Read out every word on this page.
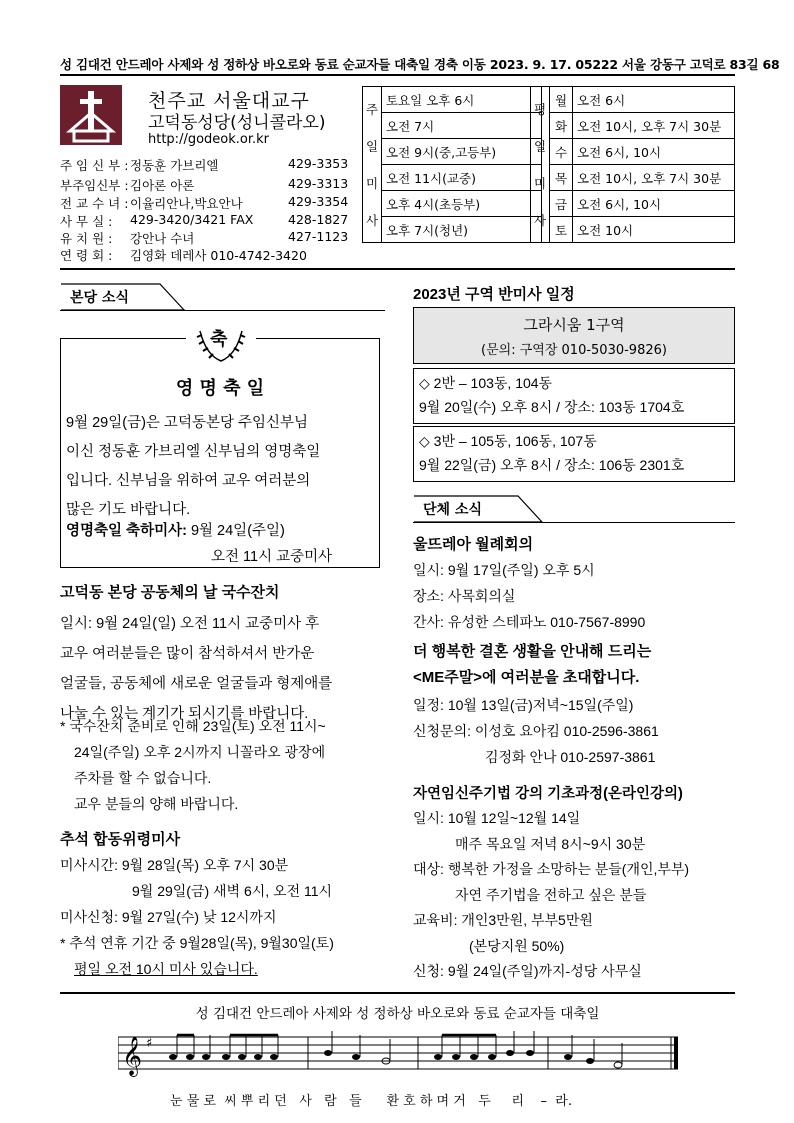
성 김대건 안드레아 사제와 성 정하상 바오로와 동료 순교자들 대축일 경축 이동 2023. 9. 17. 05222 서울 강동구 고덕로 83길 68
천주교 서울대교구
고덕동성당(성니콜라오)
http://godeok.or.kr
주 임 신 부 : 정동훈 가브리엘	429-3353
부주임신부 : 김아론 아론	429-3313
전 교 수 녀 : 이율리안나,박요안나	429-3354
사 무 실 : 429-3420/3421 FAX	428-1827
유 치 원 : 강안나 수녀	427-1123
연 령 회 : 김영화 데레사 010-4742-3420
주
일
미
사
	토요일 오후 6시
오전 7시
오전 9시(중,고등부)
오전 11시(교중)
오후 4시(초등부)
오후 7시(청년)
평
일
미
사	월	오전 6시
	화	오전 10시, 오후 7시 30분
	수	오전 6시, 10시
	목	오전 10시, 오후 7시 30분
	금	오전 6시, 10시
	토	오전 10시
본당 소식
축
영 명 축 일
9월 29일(금)은 고덕동본당 주임신부님
이신 정동훈 가브리엘 신부님의 영명축일
입니다. 신부님을 위하여 교우 여러분의
많은 기도 바랍니다.
영명축일 축하미사: 9월 24일(주일)
오전 11시 교중미사
고덕동 본당 공동체의 날 국수잔치
일시: 9월 24일(일) 오전 11시 교중미사 후
교우 여러분들은 많이 참석하셔서 반가운
얼굴들, 공동체에 새로운 얼굴들과 형제애를
나눌 수 있는 계기가 되시기를 바랍니다.
* 국수잔치 준비로 인해 23일(토) 오전 11시~
24일(주일) 오후 2시까지 니꼴라오 광장에
주차를 할 수 없습니다.
교우 분들의 양해 바랍니다.
추석 합동위령미사
미사시간: 9월 28일(목) 오후 7시 30분
9월 29일(금) 새벽 6시, 오전 11시
미사신청: 9월 27일(수) 낮 12시까지
* 추석 연휴 기간 중 9월28일(목), 9월30일(토)
평일 오전 10시 미사 있습니다.
2023년 구역 반미사 일정
그라시움 1구역
(문의: 구역장 010-5030-9826)
◇ 2반 – 103동, 104동
9월 20일(수) 오후 8시 / 장소: 103동 1704호
◇ 3반 – 105동, 106동, 107동
9월 22일(금) 오후 8시 / 장소: 106동 2301호
단체 소식
울뜨레아 월례회의
일시: 9월 17일(주일) 오후 5시
장소: 사목회의실
간사: 유성한 스테파노 010-7567-8990
더 행복한 결혼 생활을 안내해 드리는
<ME주말>에 여러분을 초대합니다.
일정: 10월 13일(금)저녁~15일(주일)
신청문의: 이성호 요아킴 010-2596-3861
김정화 안나 010-2597-3861
자연임신주기법 강의 기초과정(온라인강의)
일시: 10월 12일~12월 14일
매주 목요일 저녁 8시~9시 30분
대상: 행복한 가정을 소망하는 분들(개인,부부)
자연 주기법을 전하고 싶은 분들
교육비: 개인3만원, 부부5만원
(본당지원 50%)
신청: 9월 24일(주일)까지-성당 사무실
성 김대건 안드레아 사제와 성 정하상 바오로와 동료 순교자들 대축일
𝄞 ♯
눈 물 로  씨 뿌 리 던   사   람   들      환 호 하 며 거   두     리    –  라.
